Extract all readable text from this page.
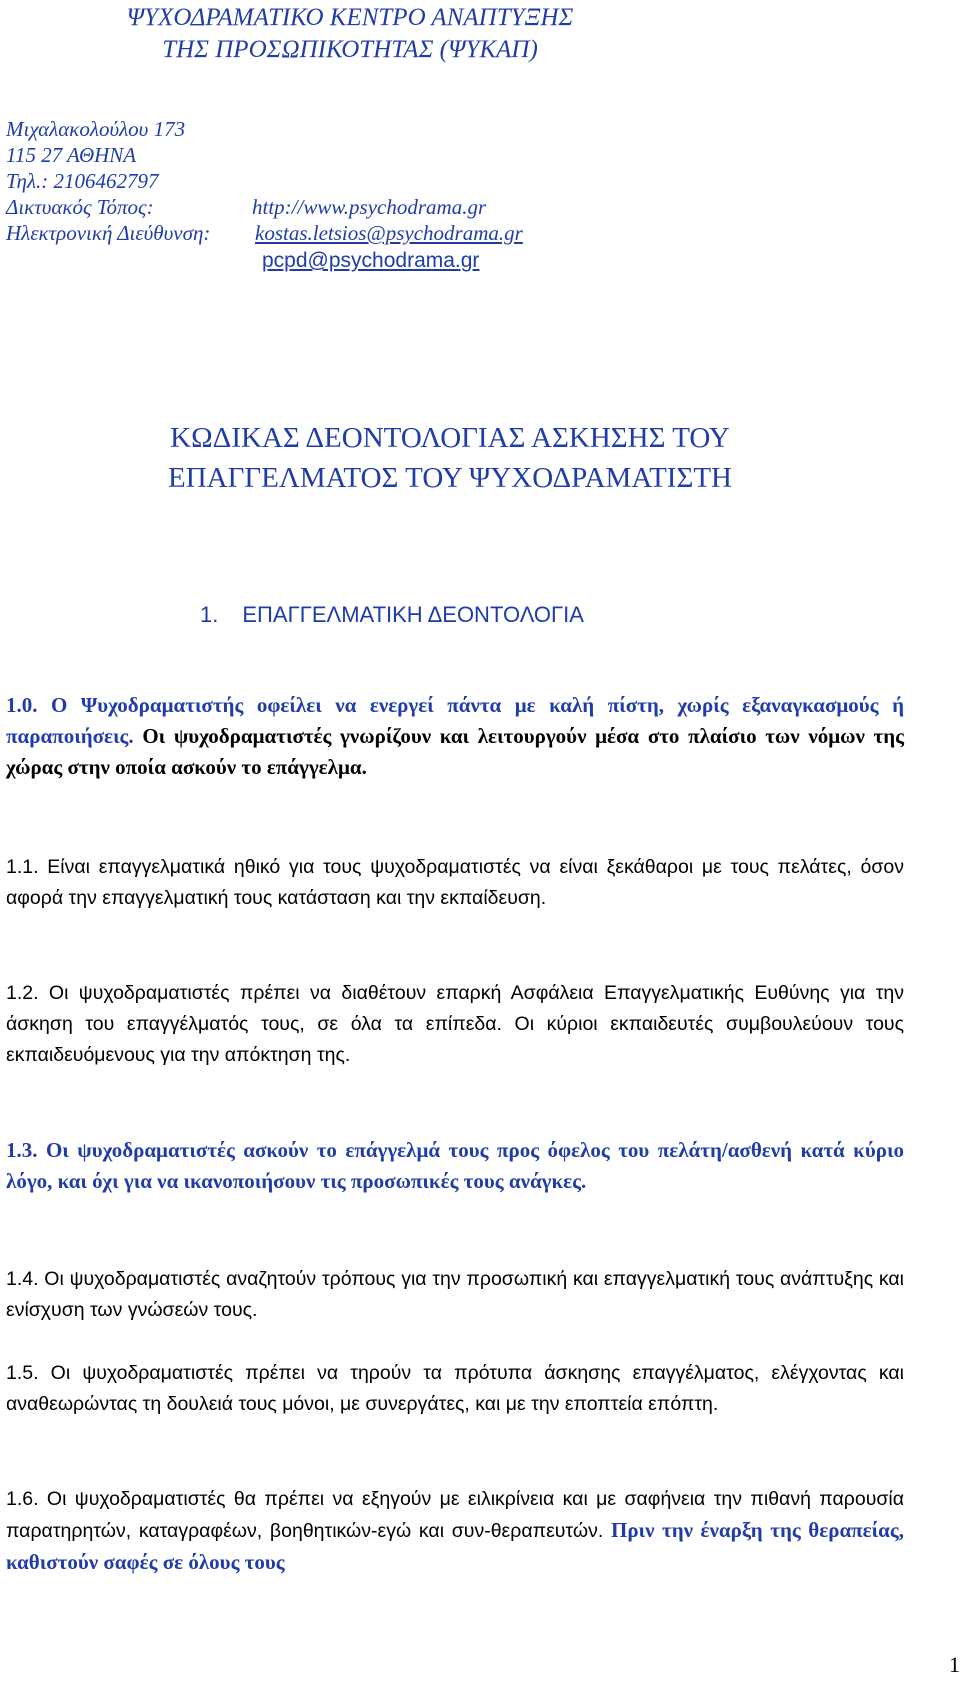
ΨΥΧΟΔΡΑΜΑΤΙΚΟ ΚΕΝΤΡΟ ΑΝΑΠΤΥΞΗΣ
ΤΗΣ ΠΡΟΣΩΠΙΚΟΤΗΤΑΣ (ΨΥΚΑΠ)
Μιχαλακολούλου 173
115 27 ΑΘΗΝΑ
Τηλ.: 2106462797
Δικτυακός Τόπος:	http://www.psychodrama.gr
Ηλεκτρονική Διεύθυνση: kostas.letsios@psychodrama.gr
pcpd@psychodrama.gr
ΚΩΔΙΚΑΣ ΔΕΟΝΤΟΛΟΓΙΑΣ ΑΣΚΗΣΗΣ ΤΟΥ
ΕΠΑΓΓΕΛΜΑΤΟΣ ΤΟΥ ΨΥΧΟΔΡΑΜΑΤΙΣΤΗ
1. ΕΠΑΓΓΕΛΜΑΤΙΚΗ ΔΕΟΝΤΟΛΟΓΙΑ
1.0. Ο Ψυχοδραματιστής οφείλει να ενεργεί πάντα με καλή πίστη, χωρίς εξαναγκασμούς ή παραποιήσεις. Οι ψυχοδραματιστές γνωρίζουν και λειτουργούν μέσα στο πλαίσιο των νόμων της χώρας στην οποία ασκούν το επάγγελμα.
1.1. Είναι επαγγελματικά ηθικό για τους ψυχοδραματιστές να είναι ξεκάθαροι με τους πελάτες, όσον αφορά την επαγγελματική τους κατάσταση και την εκπαίδευση.
1.2. Οι ψυχοδραματιστές πρέπει να διαθέτουν επαρκή Ασφάλεια Επαγγελματικής Ευθύνης για την άσκηση του επαγγέλματός τους, σε όλα τα επίπεδα. Οι κύριοι εκπαιδευτές συμβουλεύουν τους εκπαιδευόμενους για την απόκτηση της.
1.3. Οι ψυχοδραματιστές ασκούν το επάγγελμά τους προς όφελος του πελάτη/ασθενή κατά κύριο λόγο, και όχι για να ικανοποιήσουν τις προσωπικές τους ανάγκες.
1.4. Οι ψυχοδραματιστές αναζητούν τρόπους για την προσωπική και επαγγελματική τους ανάπτυξης και ενίσχυση των γνώσεών τους.
1.5. Οι ψυχοδραματιστές πρέπει να τηρούν τα πρότυπα άσκησης επαγγέλματος, ελέγχοντας και αναθεωρώντας τη δουλειά τους μόνοι, με συνεργάτες, και με την εποπτεία επόπτη.
1.6. Οι ψυχοδραματιστές θα πρέπει να εξηγούν με ειλικρίνεια και με σαφήνεια την πιθανή παρουσία παρατηρητών, καταγραφέων, βοηθητικών-εγώ και συν-θεραπευτών. Πριν την έναρξη της θεραπείας, καθιστούν σαφές σε όλους τους
1
